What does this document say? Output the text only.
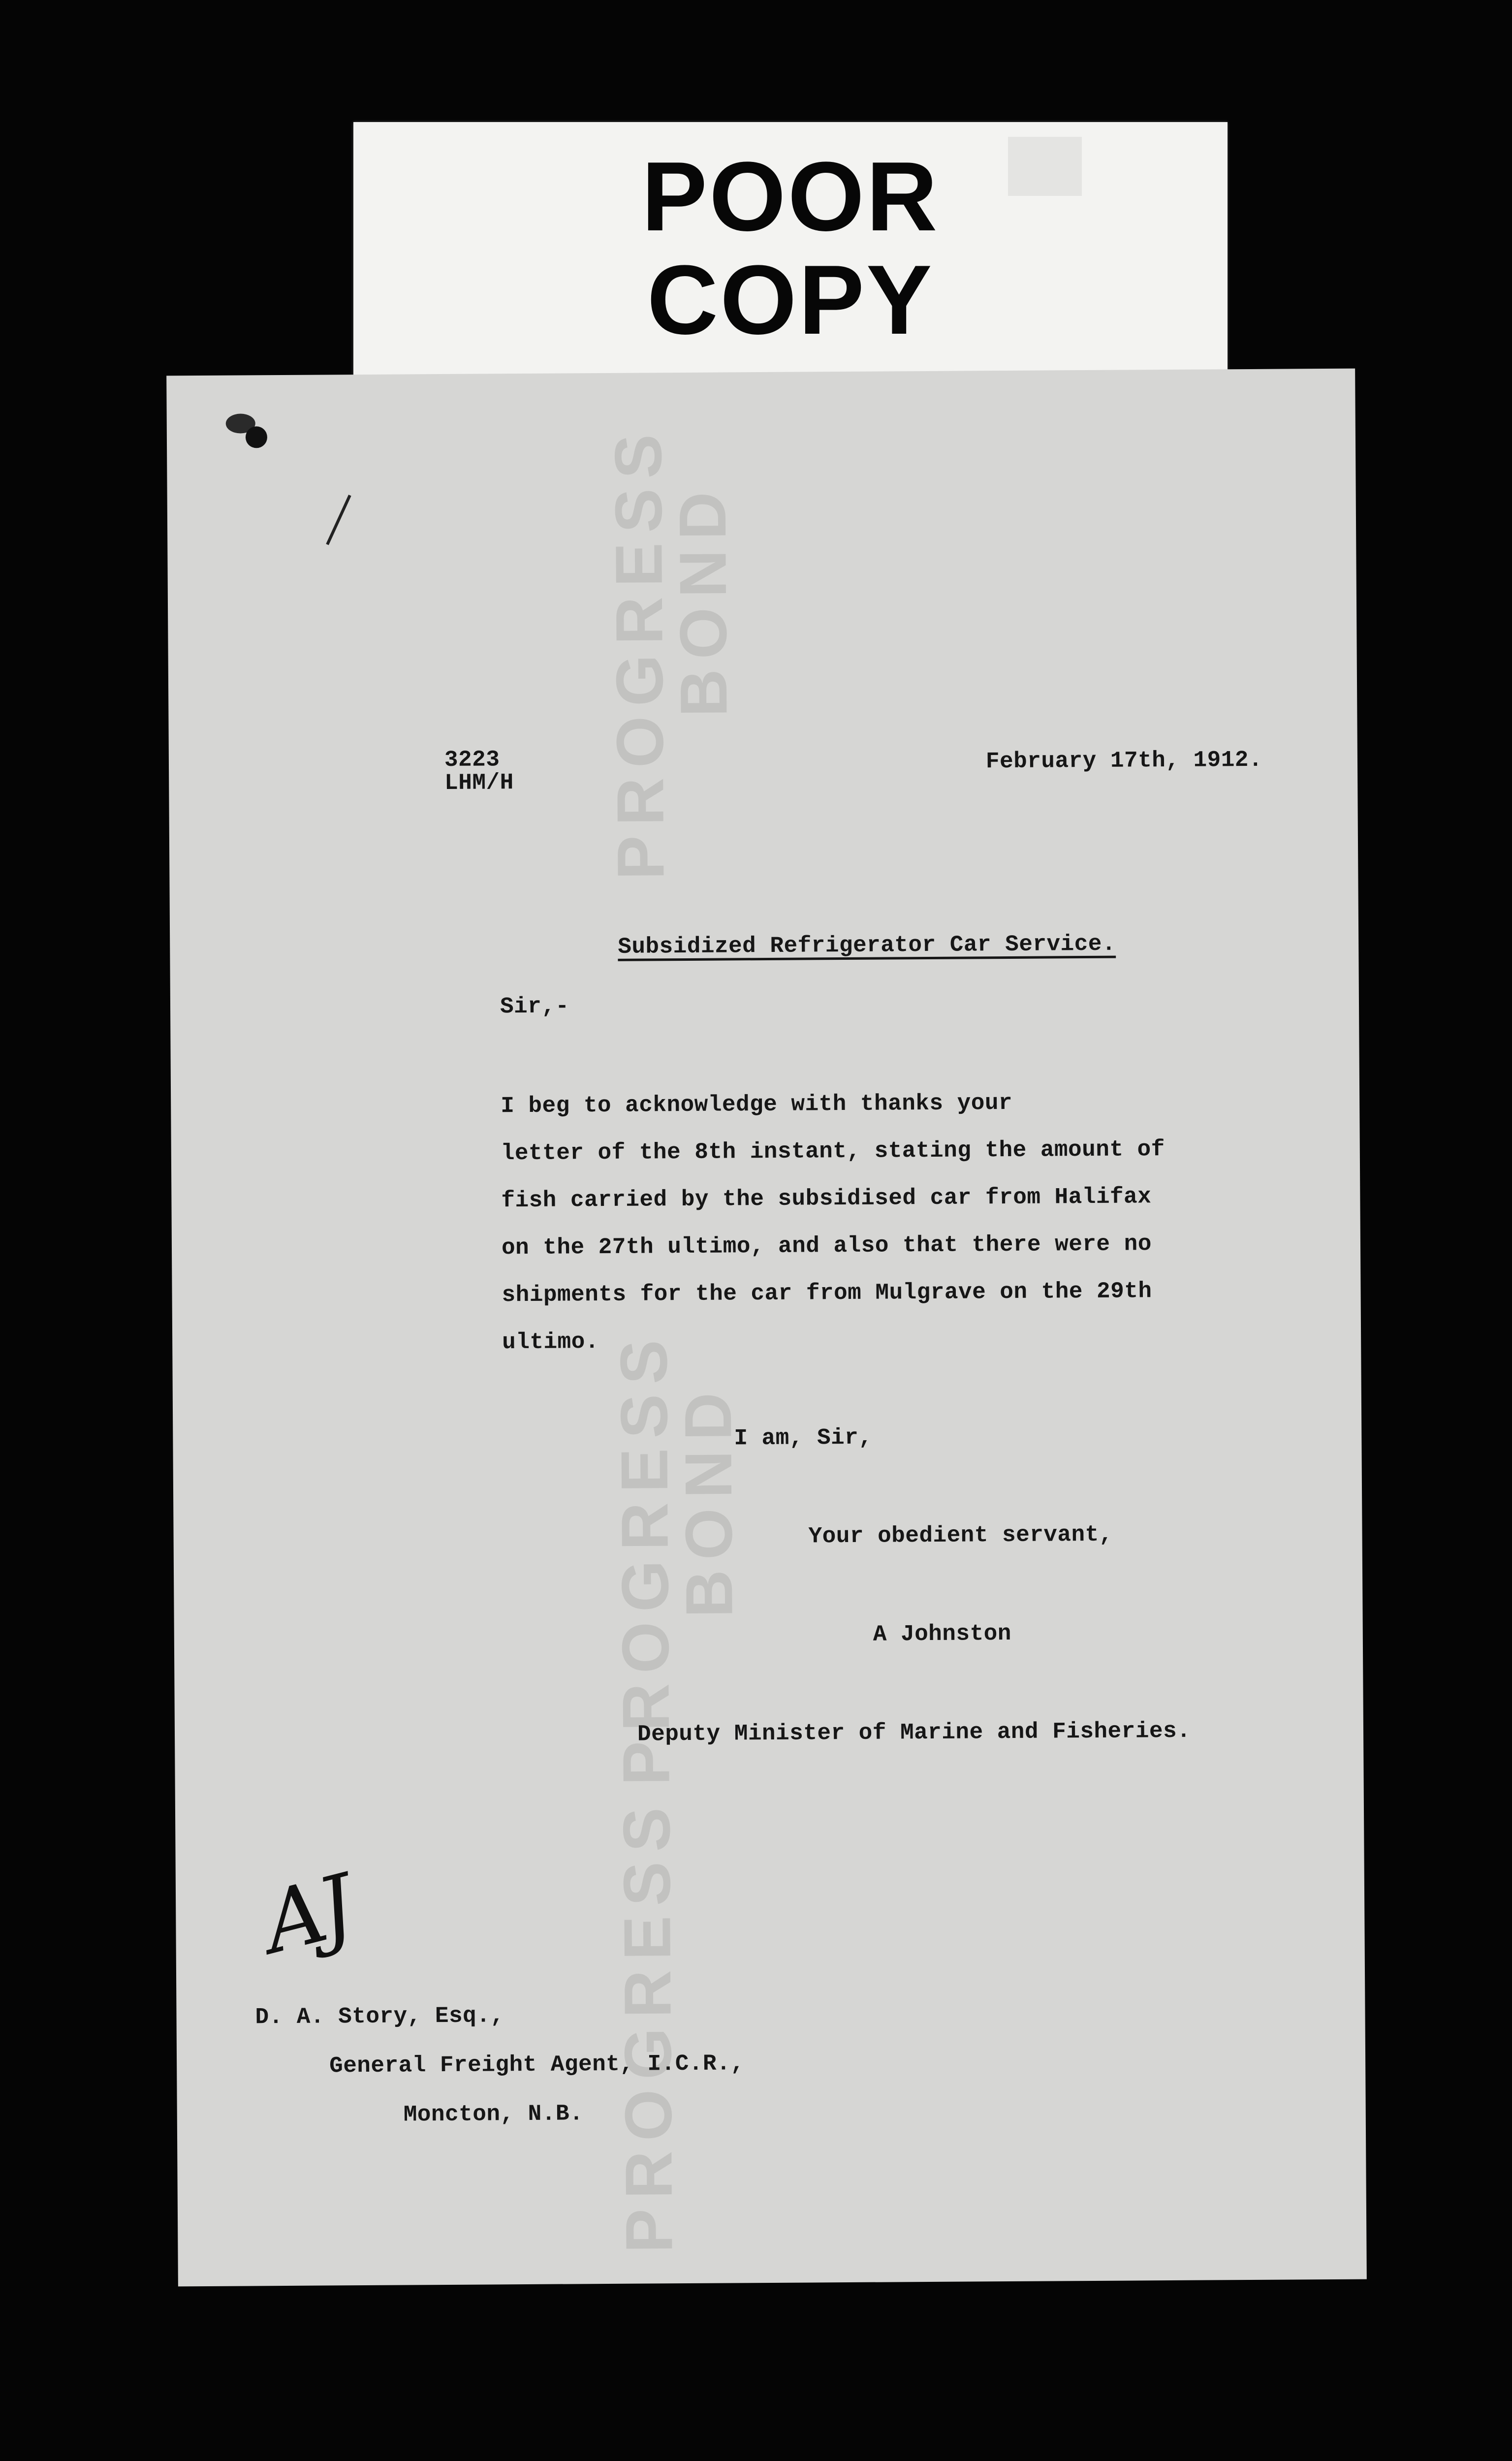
POOR
COPY
PROGRESS
BOND
PROGRESS
BOND
PROGRESS
3223
LHM/H
February 17th, 1912.
Subsidized Refrigerator Car Service.
Sir,-
I beg to acknowledge with thanks your
letter of the 8th instant, stating the amount of
fish carried by the subsidised car from Halifax
on the 27th ultimo, and also that there were no
shipments for the car from Mulgrave on the 29th
ultimo.
I am, Sir,
Your obedient servant,
A Johnston
Deputy Minister of Marine and Fisheries.
AJ
D. A. Story, Esq.,
General Freight Agent, I.C.R.,
Moncton, N.B.
